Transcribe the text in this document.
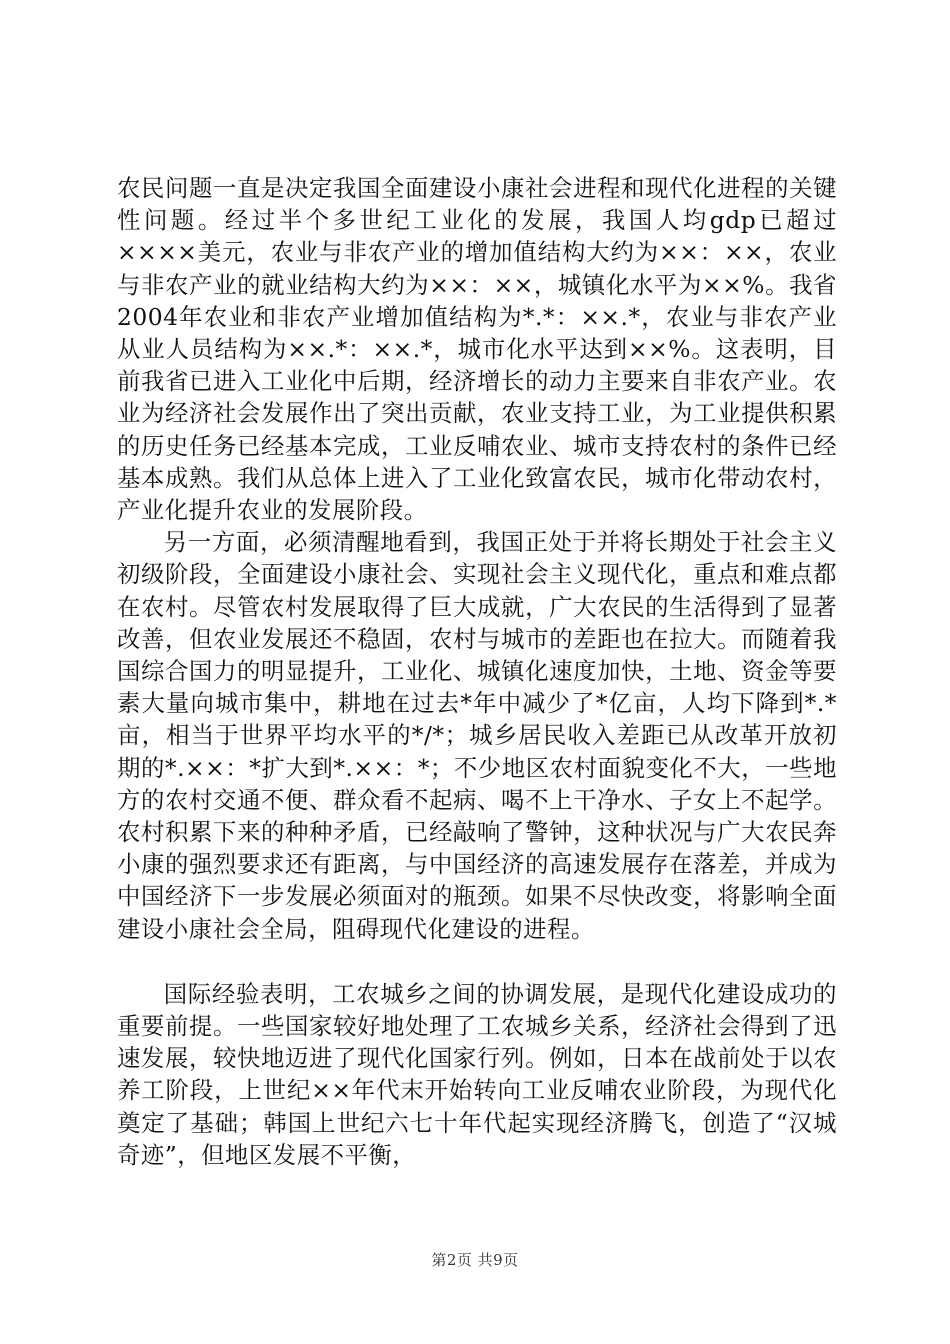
农民问题一直是决定我国全面建设小康社会进程和现代化进程的关键性问题。经过半个多世纪工业化的发展，我国人均gdp已超过××××美元，农业与非农产业的增加值结构大约为××：××，农业与非农产业的就业结构大约为××：××，城镇化水平为××%。我省2004年农业和非农产业增加值结构为*.*：××.*，农业与非农产业从业人员结构为××.*：××.*，城市化水平达到××%。这表明，目前我省已进入工业化中后期，经济增长的动力主要来自非农产业。农业为经济社会发展作出了突出贡献，农业支持工业，为工业提供积累的历史任务已经基本完成，工业反哺农业、城市支持农村的条件已经基本成熟。我们从总体上进入了工业化致富农民，城市化带动农村，产业化提升农业的发展阶段。

另一方面，必须清醒地看到，我国正处于并将长期处于社会主义初级阶段，全面建设小康社会、实现社会主义现代化，重点和难点都在农村。尽管农村发展取得了巨大成就，广大农民的生活得到了显著改善，但农业发展还不稳固，农村与城市的差距也在拉大。而随着我国综合国力的明显提升，工业化、城镇化速度加快，土地、资金等要素大量向城市集中，耕地在过去*年中减少了*亿亩，人均下降到*.*亩，相当于世界平均水平的*/*；城乡居民收入差距已从改革开放初期的*.××：*扩大到*.××：*；不少地区农村面貌变化不大，一些地方的农村交通不便、群众看不起病、喝不上干净水、子女上不起学。农村积累下来的种种矛盾，已经敲响了警钟，这种状况与广大农民奔小康的强烈要求还有距离，与中国经济的高速发展存在落差，并成为中国经济下一步发展必须面对的瓶颈。如果不尽快改变，将影响全面建设小康社会全局，阻碍现代化建设的进程。

国际经验表明，工农城乡之间的协调发展，是现代化建设成功的重要前提。一些国家较好地处理了工农城乡关系，经济社会得到了迅速发展，较快地迈进了现代化国家行列。例如，日本在战前处于以农养工阶段，上世纪××年代末开始转向工业反哺农业阶段，为现代化奠定了基础；韩国上世纪六七十年代起实现经济腾飞，创造了“汉城奇迹”，但地区发展不平衡，

第2页 共9页
